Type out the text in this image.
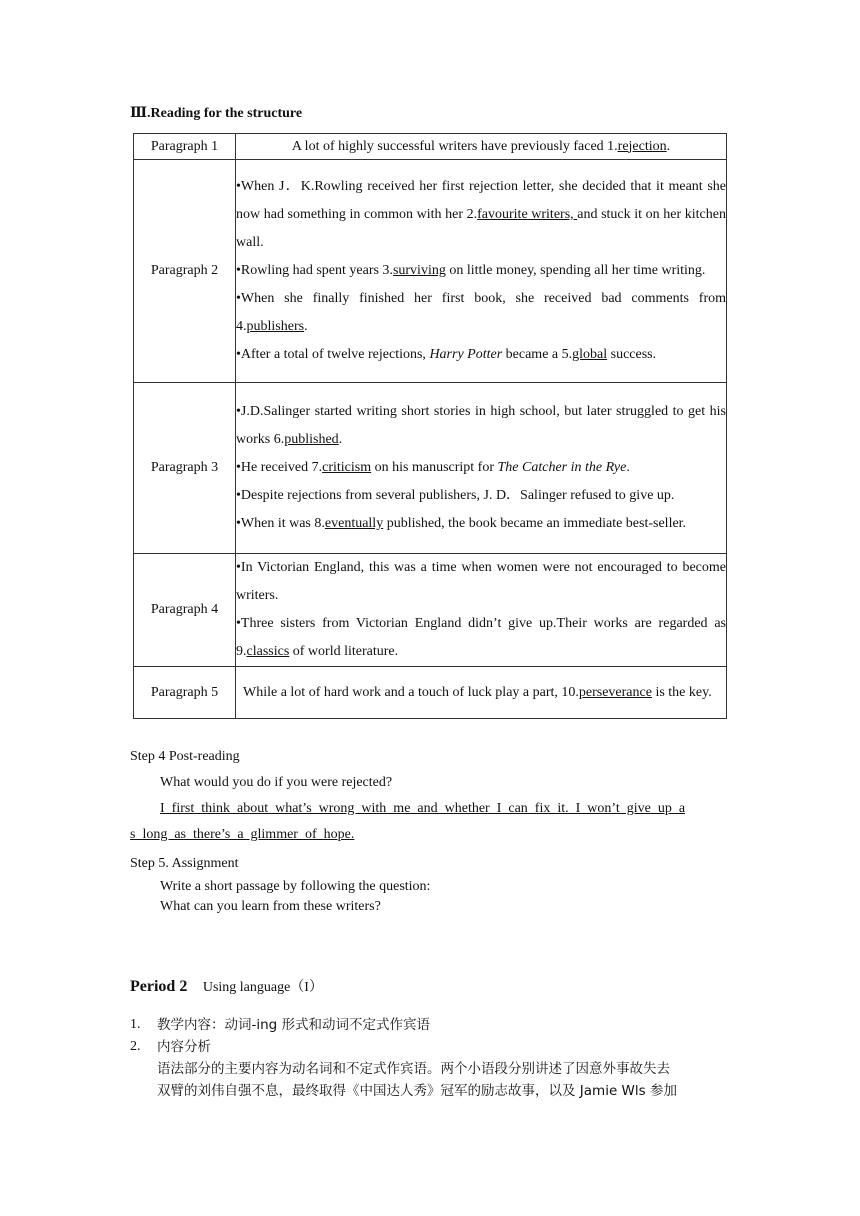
Ⅲ.Reading for the structure
Paragraph 1	A lot of highly successful writers have previously faced 1.rejection.
Paragraph 2	•When J．K.Rowling received her first rejection letter, she decided that it meant she now had something in common with her 2.favourite writers, and stuck it on her kitchen wall.
•Rowling had spent years 3.surviving on little money, spending all her time writing.
•When she finally finished her first book, she received bad comments from 4.publishers.
•After a total of twelve rejections, Harry Potter became a 5.global success.

Paragraph 3	•J.D.Salinger started writing short stories in high school, but later struggled to get his works 6.published.
•He received 7.criticism on his manuscript for The Catcher in the Rye.
•Despite rejections from several publishers, J. D．Salinger refused to give up.
•When it was 8.eventually published, the book became an immediate best-seller.

Paragraph 4	•In Victorian England, this was a time when women were not encouraged to become writers.
•Three sisters from Victorian England didn’t give up.Their works are regarded as 9.classics of world literature.

Paragraph 5	While a lot of hard work and a touch of luck play a part, 10.perseverance is the key.
Step 4 Post-reading
What would you do if you were rejected?
I  first  think  about  what’s  wrong  with  me  and  whether  I  can  fix  it.  I  won’t  give  up  a
s  long  as  there’s  a  glimmer  of  hope.
Step 5. Assignment
Write a short passage by following the question:
What can you learn from these writers?
Period 2 Using language（I）
1. 教学内容：动词-ing 形式和动词不定式作宾语
2. 内容分析
语法部分的主要内容为动名词和不定式作宾语。两个小语段分别讲述了因意外事故失去
双臂的刘伟自强不息，最终取得《中国达人秀》冠军的励志故事，以及 Jamie Wls 参加
